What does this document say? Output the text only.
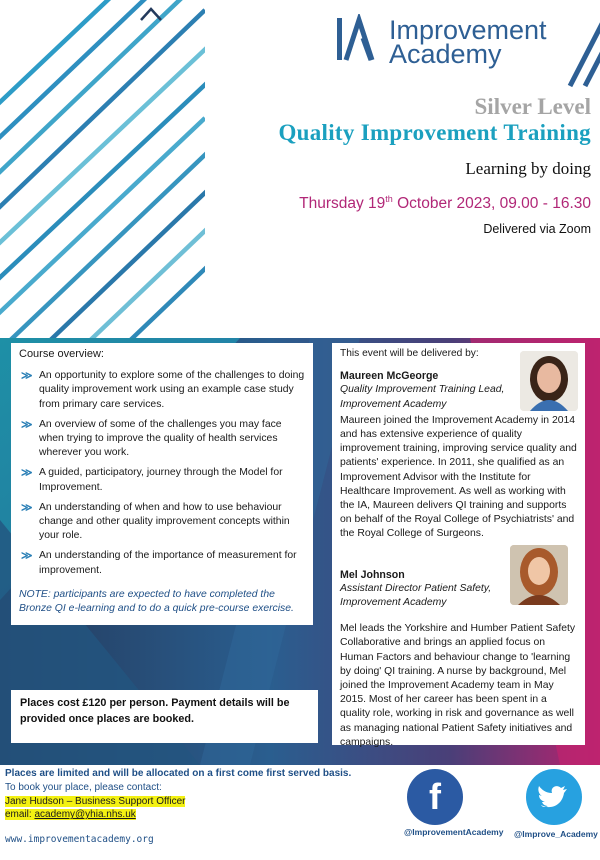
Improvement
Academy
Silver Level
Quality Improvement Training
Learning by doing
Thursday 19th October 2023, 09.00 - 16.30
Delivered via Zoom
Course overview:
≫ An opportunity to explore some of the challenges to doing quality improvement work using an example case study from primary care services.
≫ An overview of some of the challenges you may face when trying to improve the quality of health services wherever you work.
≫ A guided, participatory, journey through the Model for Improvement.
≫ An understanding of when and how to use behaviour change and other quality improvement concepts within your role.
≫ An understanding of the importance of measurement for improvement.
NOTE: participants are expected to have completed the Bronze QI e-learning and to do a quick pre-course exercise.
Places cost £120 per person. Payment details will be provided once places are booked.
This event will be delivered by:
Maureen McGeorge
Quality Improvement Training Lead,
Improvement Academy
Maureen joined the Improvement Academy in 2014 and has extensive experience of quality improvement training, improving service quality and patients' experience. In 2011, she qualified as an Improvement Advisor with the Institute for Healthcare Improvement. As well as working with the IA, Maureen delivers QI training and supports on behalf of the Royal College of Psychiatrists' and the Royal College of Surgeons.
Mel Johnson
Assistant Director Patient Safety,
Improvement Academy
Mel leads the Yorkshire and Humber Patient Safety Collaborative and brings an applied focus on Human Factors and behaviour change to 'learning by doing' QI training. A nurse by background, Mel joined the Improvement Academy team in May 2015. Most of her career has been spent in a quality role, working in risk and governance as well as managing national Patient Safety initiatives and campaigns.
Places are limited and will be allocated on a first come first served basis.
To book your place, please contact:
Jane Hudson – Business Support Officer
email: academy@yhia.nhs.uk
www.improvementacademy.org
f
@ImprovementAcademy @Improve_Academy
